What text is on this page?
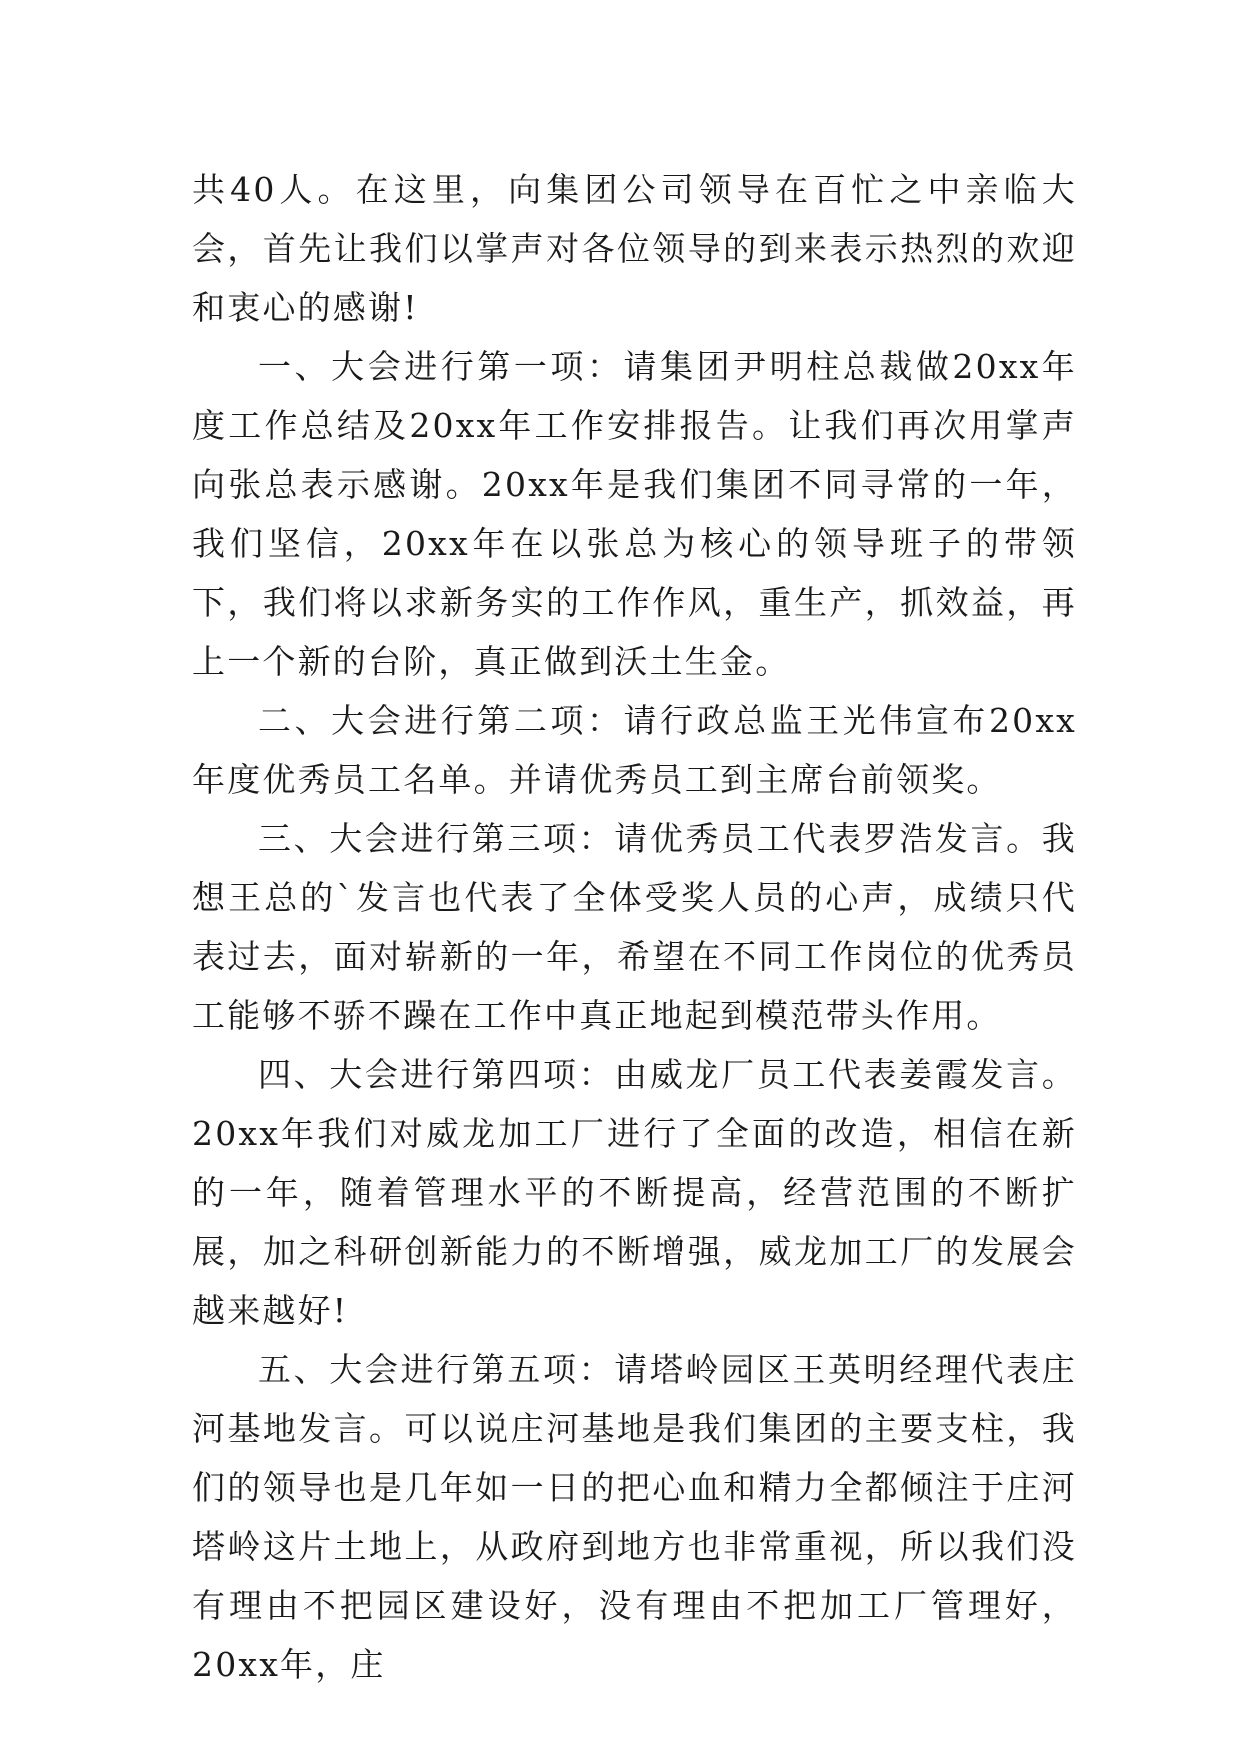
共40人。在这里，向集团公司领导在百忙之中亲临大会，首先让我们以掌声对各位领导的到来表示热烈的欢迎和衷心的感谢!

一、大会进行第一项：请集团尹明柱总裁做20xx年度工作总结及20xx年工作安排报告。让我们再次用掌声向张总表示感谢。20xx年是我们集团不同寻常的一年，我们坚信，20xx年在以张总为核心的领导班子的带领下，我们将以求新务实的工作作风，重生产，抓效益，再上一个新的台阶，真正做到沃土生金。

二、大会进行第二项：请行政总监王光伟宣布20xx年度优秀员工名单。并请优秀员工到主席台前领奖。

三、大会进行第三项：请优秀员工代表罗浩发言。我想王总的`发言也代表了全体受奖人员的心声，成绩只代表过去，面对崭新的一年，希望在不同工作岗位的优秀员工能够不骄不躁在工作中真正地起到模范带头作用。

四、大会进行第四项：由威龙厂员工代表姜霞发言。20xx年我们对威龙加工厂进行了全面的改造，相信在新的一年，随着管理水平的不断提高，经营范围的不断扩展，加之科研创新能力的不断增强，威龙加工厂的发展会越来越好!

五、大会进行第五项：请塔岭园区王英明经理代表庄河基地发言。可以说庄河基地是我们集团的主要支柱，我们的领导也是几年如一日的把心血和精力全都倾注于庄河塔岭这片土地上，从政府到地方也非常重视，所以我们没有理由不把园区建设好，没有理由不把加工厂管理好，20xx年，庄
